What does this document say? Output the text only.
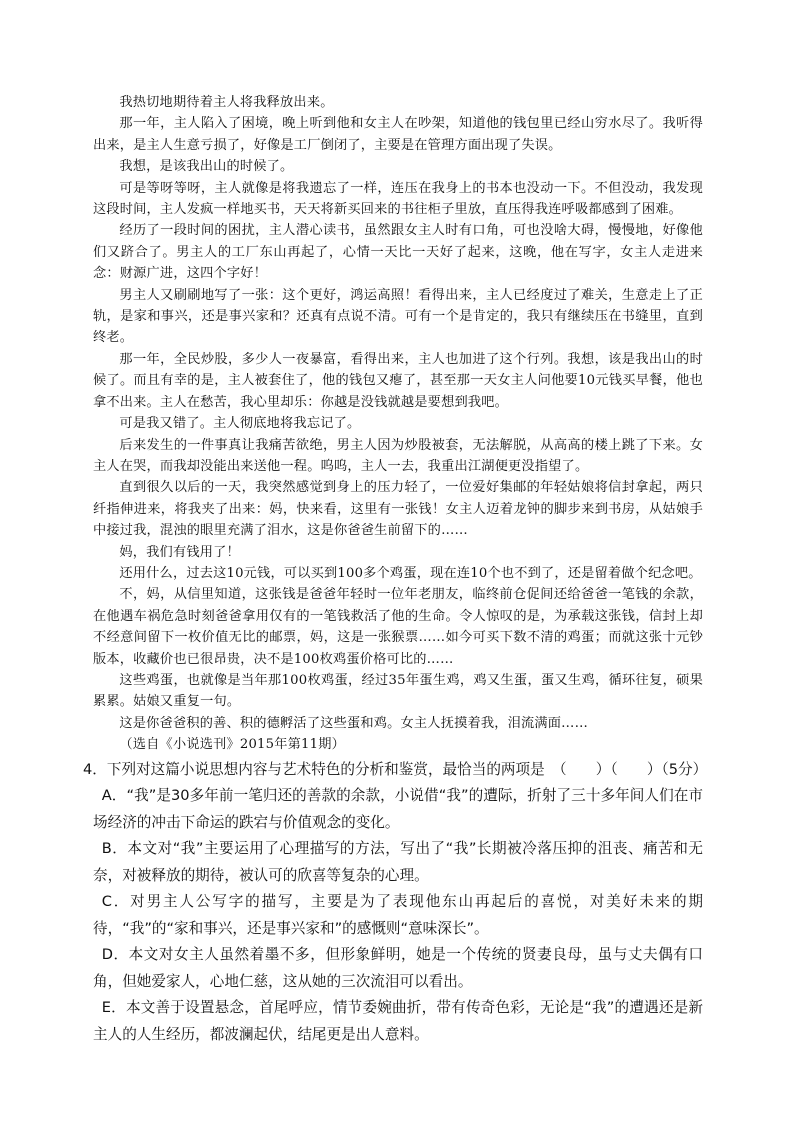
我热切地期待着主人将我释放出来。

那一年，主人陷入了困境，晚上听到他和女主人在吵架，知道他的钱包里已经山穷水尽了。我听得出来，是主人生意亏损了，好像是工厂倒闭了，主要是在管理方面出现了失误。

我想，是该我出山的时候了。

可是等呀等呀，主人就像是将我遗忘了一样，连压在我身上的书本也没动一下。不但没动，我发现这段时间，主人发疯一样地买书，天天将新买回来的书往柜子里放，直压得我连呼吸都感到了困难。

经历了一段时间的困扰，主人潜心读书，虽然跟女主人时有口角，可也没啥大碍，慢慢地，好像他们又跻合了。男主人的工厂东山再起了，心情一天比一天好了起来，这晚，他在写字，女主人走进来念：财源广进，这四个字好！

男主人又刷刷地写了一张：这个更好，鸿运高照！看得出来，主人已经度过了难关，生意走上了正轨，是家和事兴，还是事兴家和？还真有点说不清。可有一个是肯定的，我只有继续压在书缝里，直到终老。

那一年，全民炒股，多少人一夜暴富，看得出来，主人也加进了这个行列。我想，该是我出山的时候了。而且有幸的是，主人被套住了，他的钱包又瘪了，甚至那一天女主人问他要10元钱买早餐，他也拿不出来。主人在愁苦，我心里却乐：你越是没钱就越是要想到我吧。

可是我又错了。主人彻底地将我忘记了。

后来发生的一件事真让我痛苦欲绝，男主人因为炒股被套，无法解脱，从高高的楼上跳了下来。女主人在哭，而我却没能出来送他一程。呜呜，主人一去，我重出江湖便更没指望了。

直到很久以后的一天，我突然感觉到身上的压力轻了，一位爱好集邮的年轻姑娘将信封拿起，两只纤指伸进来，将我夹了出来：妈，快来看，这里有一张钱！女主人迈着龙钟的脚步来到书房，从姑娘手中接过我，混浊的眼里充满了泪水，这是你爸爸生前留下的……

妈，我们有钱用了！

还用什么，过去这10元钱，可以买到100多个鸡蛋，现在连10个也不到了，还是留着做个纪念吧。

不，妈，从信里知道，这张钱是爸爸年轻时一位年老朋友，临终前仓促间还给爸爸一笔钱的余款，在他遇车祸危急时刻爸爸拿用仅有的一笔钱救活了他的生命。令人惊叹的是，为承载这张钱，信封上却不经意间留下一枚价值无比的邮票，妈，这是一张猴票……如今可买下数不清的鸡蛋；而就这张十元钞版本，收藏价也已很昂贵，决不是100枚鸡蛋价格可比的……

这些鸡蛋，也就像是当年那100枚鸡蛋，经过35年蛋生鸡，鸡又生蛋，蛋又生鸡，循环往复，硕果累累。姑娘又重复一句。

这是你爸爸积的善、积的德孵活了这些蛋和鸡。女主人抚摸着我，泪流满面……

（选自《小说选刊》2015年第11期）

4．下列对这篇小说思想内容与艺术特色的分析和鉴赏，最恰当的两项是　（　　）（　　）（5分）

A．“我”是30多年前一笔归还的善款的余款，小说借“我”的遭际，折射了三十多年间人们在市场经济的冲击下命运的跌宕与价值观念的变化。

B．本文对“我”主要运用了心理描写的方法，写出了“我”长期被冷落压抑的沮丧、痛苦和无奈，对被释放的期待，被认可的欣喜等复杂的心理。

C．对男主人公写字的描写，主要是为了表现他东山再起后的喜悦，对美好未来的期待，“我”的“家和事兴，还是事兴家和”的感慨则“意味深长”。

D．本文对女主人虽然着墨不多，但形象鲜明，她是一个传统的贤妻良母，虽与丈夫偶有口角，但她爱家人，心地仁慈，这从她的三次流泪可以看出。

E．本文善于设置悬念，首尾呼应，情节委婉曲折，带有传奇色彩，无论是“我”的遭遇还是新主人的人生经历，都波澜起伏，结尾更是出人意料。
